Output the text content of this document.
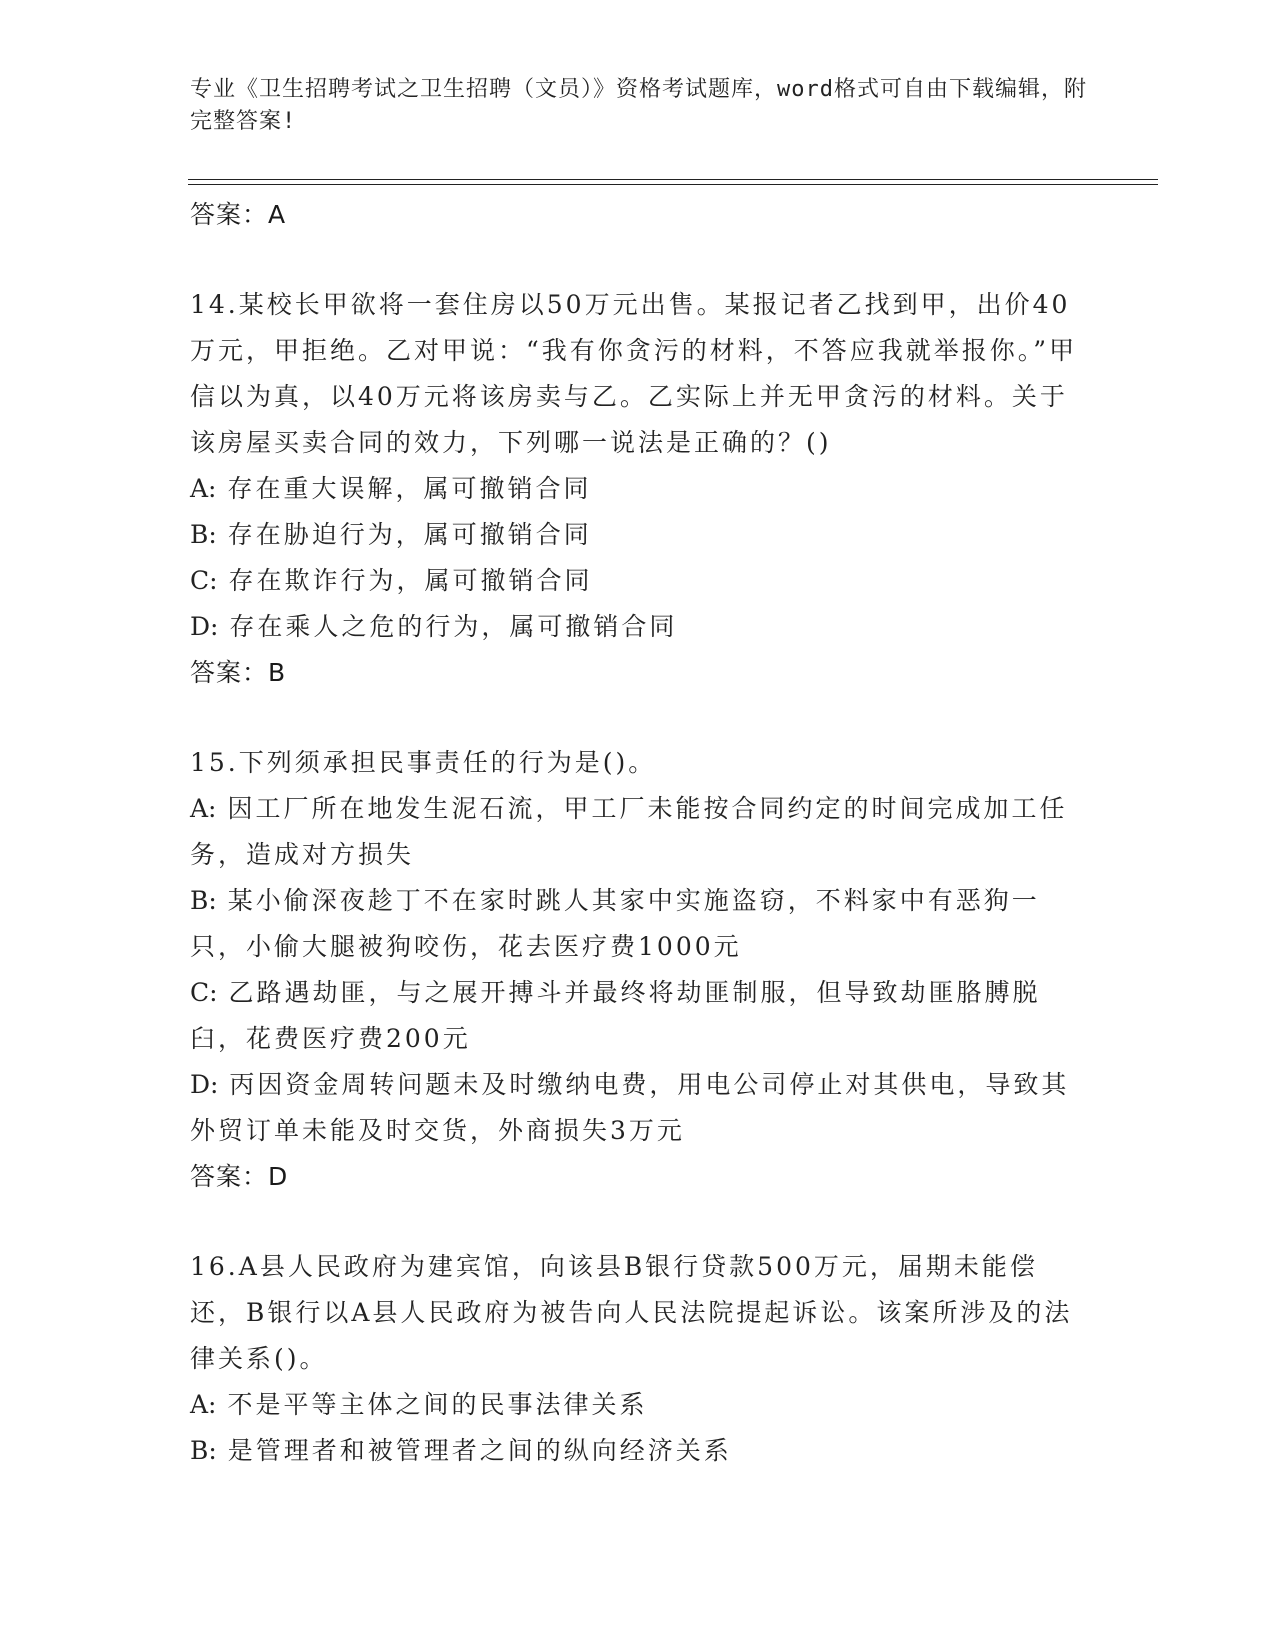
专业《卫生招聘考试之卫生招聘（文员）》资格考试题库，word格式可自由下载编辑，附完整答案!

答案：A

14.某校长甲欲将一套住房以50万元出售。某报记者乙找到甲，出价40万元，甲拒绝。乙对甲说：“我有你贪污的材料，不答应我就举报你。”甲信以为真，以40万元将该房卖与乙。乙实际上并无甲贪污的材料。关于该房屋买卖合同的效力，下列哪一说法是正确的？()

A: 存在重大误解，属可撤销合同

B: 存在胁迫行为，属可撤销合同

C: 存在欺诈行为，属可撤销合同

D: 存在乘人之危的行为，属可撤销合同

答案：B

15.下列须承担民事责任的行为是()。

A: 因工厂所在地发生泥石流，甲工厂未能按合同约定的时间完成加工任务，造成对方损失

B: 某小偷深夜趁丁不在家时跳人其家中实施盗窃，不料家中有恶狗一只，小偷大腿被狗咬伤，花去医疗费1000元

C: 乙路遇劫匪，与之展开搏斗并最终将劫匪制服，但导致劫匪胳膊脱臼，花费医疗费200元

D: 丙因资金周转问题未及时缴纳电费，用电公司停止对其供电，导致其外贸订单未能及时交货，外商损失3万元

答案：D

16.A县人民政府为建宾馆，向该县B银行贷款500万元，届期未能偿还，B银行以A县人民政府为被告向人民法院提起诉讼。该案所涉及的法律关系()。

A: 不是平等主体之间的民事法律关系

B: 是管理者和被管理者之间的纵向经济关系
